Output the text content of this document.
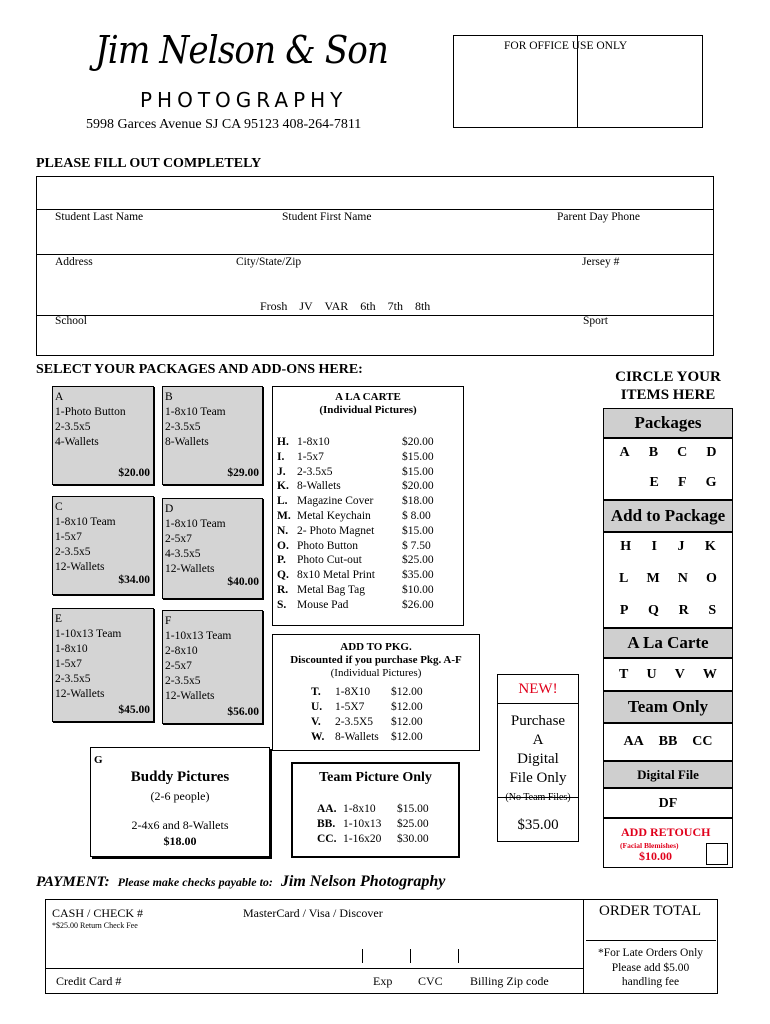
Jim Nelson & Son
PHOTOGRAPHY
5998 Garces Avenue SJ CA 95123 408-264-7811
FOR OFFICE USE ONLY
PLEASE FILL OUT COMPLETELY
Student Last Name	Student First Name	Parent Day Phone
Address	City/State/Zip	Jersey #
Frosh JV VAR 6th 7th 8th
School	Sport
SELECT YOUR PACKAGES AND ADD-ONS HERE:
A
1-Photo Button
2-3.5x5
4-Wallets
$20.00
B
1-8x10 Team
2-3.5x5
8-Wallets
$29.00
C
1-8x10 Team
1-5x7
2-3.5x5
12-Wallets
$34.00
D
1-8x10 Team
2-5x7
4-3.5x5
12-Wallets
$40.00
E
1-10x13 Team
1-8x10
1-5x7
2-3.5x5
12-Wallets
$45.00
F
1-10x13 Team
2-8x10
2-5x7
2-3.5x5
12-Wallets
$56.00
A LA CARTE
(Individual Pictures)
H. 1-8x10	$20.00
I.	1-5x7	$15.00
J. 2-3.5x5	$15.00
K. 8-Wallets	$20.00
L. Magazine Cover	$18.00
M. Metal Keychain	$ 8.00
N. 2- Photo Magnet	$15.00
O. Photo Button	$ 7.50
P. Photo Cut-out	$25.00
Q. 8x10 Metal Print	$35.00
R. Metal Bag Tag	$10.00
S. Mouse Pad	$26.00
ADD TO PKG.
Discounted if you purchase Pkg. A-F
(Individual Pictures)
T.	1-8X10	$12.00
U.	1-5X7	$12.00
V.	2-3.5X5	$12.00
W. 8-Wallets	$12.00
NEW!
Purchase
A
Digital
File Only
$35.00
G
Buddy Pictures
(2-6 people)
2-4x6 and 8-Wallets
$18.00
Team Picture Only
AA. 1-8x10	$15.00
BB. 1-10x13	$25.00
CC. 1-16x20	$30.00
CIRCLE YOUR
ITEMS HERE
Packages
A B C D
E F G
Add to Package
H I J K
L M N O
P Q R S
A La Carte
T U V W
Team Only
AA BB CC
Digital File
DF
ADD RETOUCH
(Facial Blemishes)
$10.00
PAYMENT: Please make checks payable to: Jim Nelson Photography
CASH / CHECK #
*$25.00 Return Check Fee
MasterCard / Visa / Discover	ORDER TOTAL
Credit Card #	Exp CVC Billing Zip code
*For Late Orders Only
Please add $5.00
handling fee
